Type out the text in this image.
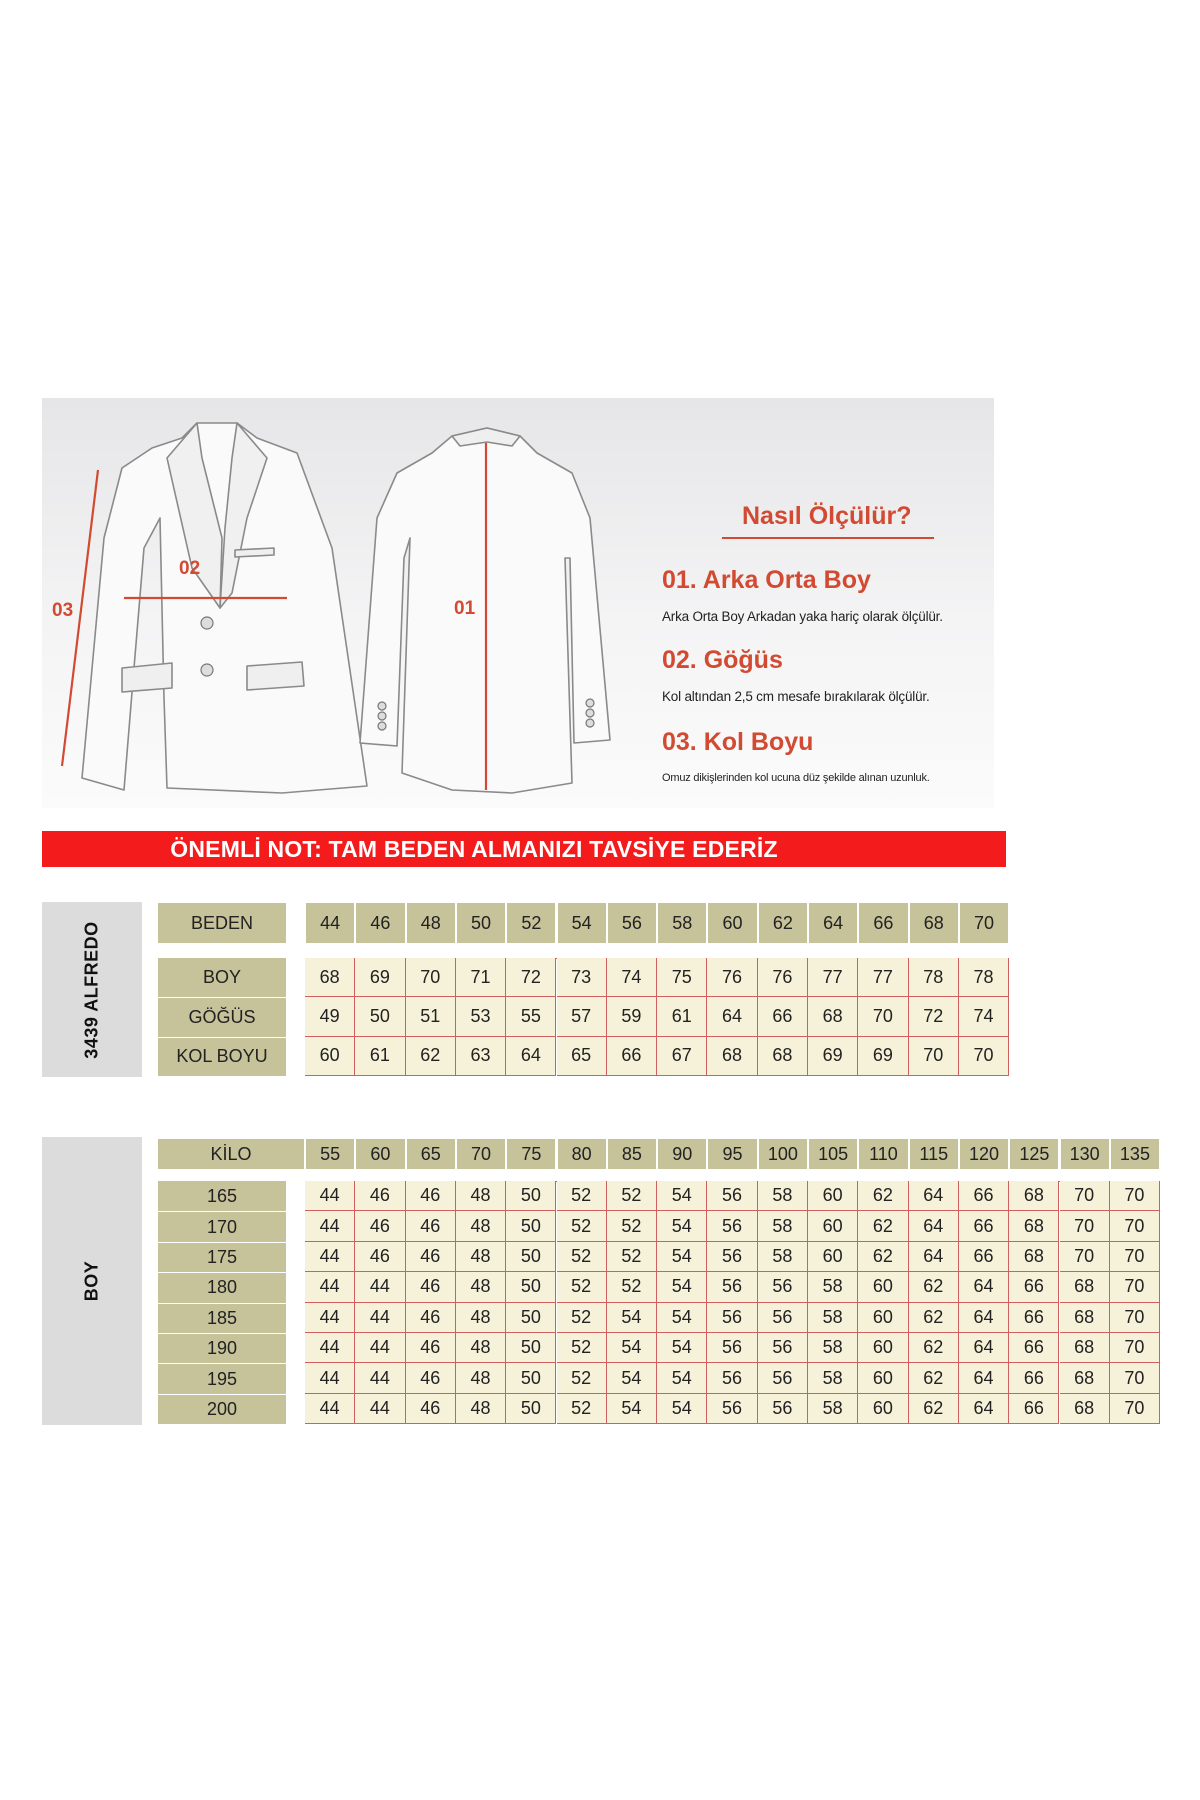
03
02
01
Nasıl Ölçülür?
01. Arka Orta Boy
Arka Orta Boy Arkadan yaka hariç olarak ölçülür.
02. Göğüs
Kol altından 2,5 cm mesafe bırakılarak ölçülür.
03. Kol Boyu
Omuz dikişlerinden kol ucuna düz şekilde alınan uzunluk.
ÖNEMLİ NOT: TAM BEDEN ALMANIZI TAVSİYE EDERİZ
3439 ALFREDO	BEDEN	44	46	48	50	52	54	56	58	60	62	64	66	68	70
BOY	68	69	70	71	72	73	74	75	76	76	77	77	78	78
GÖĞÜS	49	50	51	53	55	57	59	61	64	66	68	70	72	74
KOL BOYU	60	61	62	63	64	65	66	67	68	68	69	69	70	70
BOY
KİLO	55	60	65	70	75	80	85	90	95	100	105	110	115	120	125	130	135
165	44	46	46	48	50	52	52	54	56	58	60	62	64	66	68	70	70
170	44	46	46	48	50	52	52	54	56	58	60	62	64	66	68	70	70
175	44	46	46	48	50	52	52	54	56	58	60	62	64	66	68	70	70
180	44	44	46	48	50	52	52	54	56	56	58	60	62	64	66	68	70
185	44	44	46	48	50	52	54	54	56	56	58	60	62	64	66	68	70
190	44	44	46	48	50	52	54	54	56	56	58	60	62	64	66	68	70
195	44	44	46	48	50	52	54	54	56	56	58	60	62	64	66	68	70
200	44	44	46	48	50	52	54	54	56	56	58	60	62	64	66	68	70
